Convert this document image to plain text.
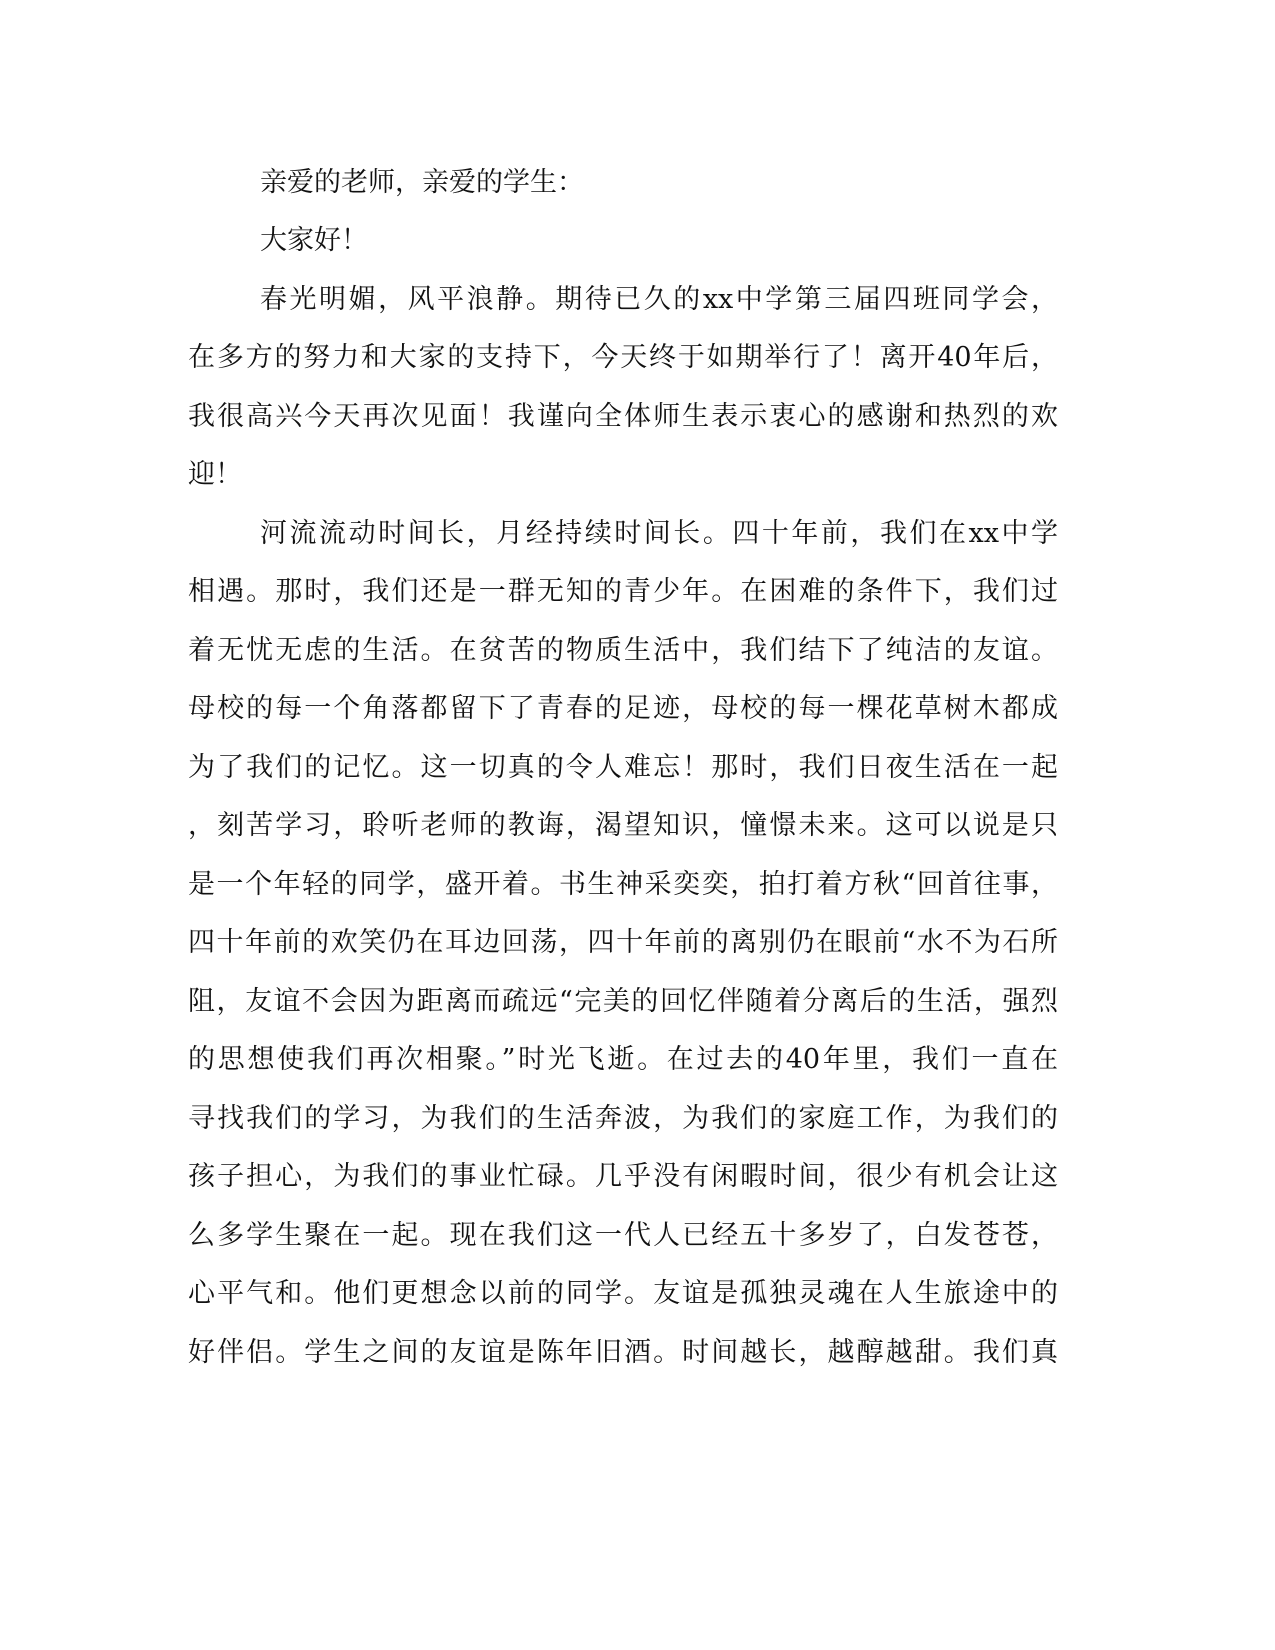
亲爱的老师，亲爱的学生：
大家好！
春光明媚，风平浪静。期待已久的xx中学第三届四班同学会，
在多方的努力和大家的支持下，今天终于如期举行了！离开40年后，
我很高兴今天再次见面！我谨向全体师生表示衷心的感谢和热烈的欢
迎！
河流流动时间长，月经持续时间长。四十年前，我们在xx中学
相遇。那时，我们还是一群无知的青少年。在困难的条件下，我们过
着无忧无虑的生活。在贫苦的物质生活中，我们结下了纯洁的友谊。
母校的每一个角落都留下了青春的足迹，母校的每一棵花草树木都成
为了我们的记忆。这一切真的令人难忘！那时，我们日夜生活在一起
，刻苦学习，聆听老师的教诲，渴望知识，憧憬未来。这可以说是只
是一个年轻的同学，盛开着。书生神采奕奕，拍打着方秋“回首往事，
四十年前的欢笑仍在耳边回荡，四十年前的离别仍在眼前“水不为石所
阻，友谊不会因为距离而疏远“完美的回忆伴随着分离后的生活，强烈
的思想使我们再次相聚。”时光飞逝。在过去的40年里，我们一直在
寻找我们的学习，为我们的生活奔波，为我们的家庭工作，为我们的
孩子担心，为我们的事业忙碌。几乎没有闲暇时间，很少有机会让这
么多学生聚在一起。现在我们这一代人已经五十多岁了，白发苍苍，
心平气和。他们更想念以前的同学。友谊是孤独灵魂在人生旅途中的
好伴侣。学生之间的友谊是陈年旧酒。时间越长，越醇越甜。我们真
